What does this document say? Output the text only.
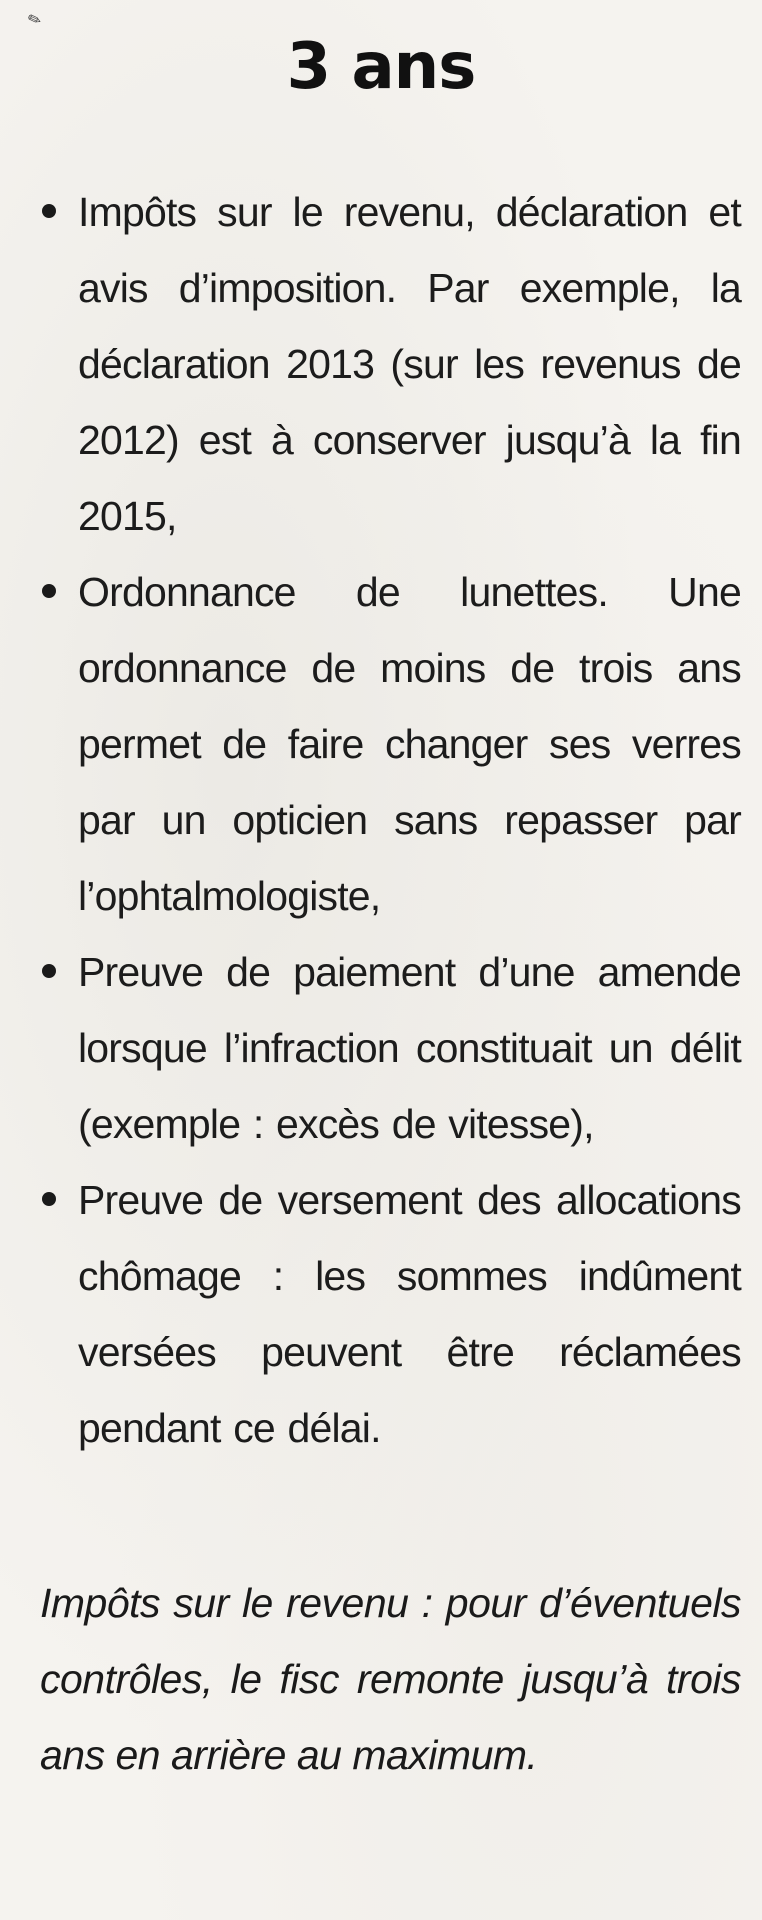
✎
3 ans
Impôts sur le revenu, déclaration et avis d’imposition. Par exemple, la déclaration 2013 (sur les revenus de 2012) est à conserver jusqu’à la fin 2015,
Ordonnance de lunettes. Une ordonnance de moins de trois ans permet de faire changer ses verres par un opticien sans repasser par l’ophtalmologiste,
Preuve de paiement d’une amende lorsque l’infraction constituait un délit (exemple : excès de vitesse),
Preuve de versement des allocations chômage : les sommes indûment versées peuvent être réclamées pendant ce délai.

Impôts sur le revenu : pour d’éventuels contrôles, le fisc remonte jusqu’à trois ans en arrière au maximum.
